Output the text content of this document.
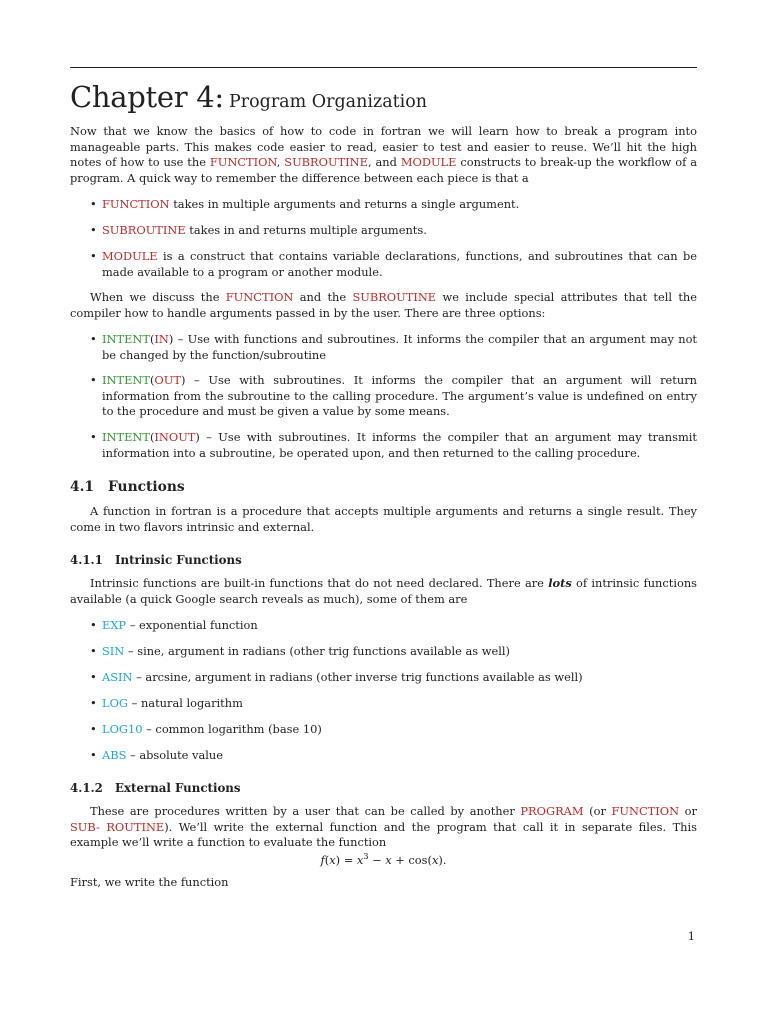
Chapter 4: Program Organization

Now that we know the basics of how to code in fortran we will learn how to break a program into manageable parts. This makes code easier to read, easier to test and easier to reuse. We’ll hit the high notes of how to use the FUNCTION, SUBROUTINE, and MODULE constructs to break-up the workflow of a program. A quick way to remember the difference between each piece is that a

• FUNCTION takes in multiple arguments and returns a single argument.
• SUBROUTINE takes in and returns multiple arguments.
• MODULE is a construct that contains variable declarations, functions, and subroutines that can be made available to a program or another module.

When we discuss the FUNCTION and the SUBROUTINE we include special attributes that tell the compiler how to handle arguments passed in by the user. There are three options:

• INTENT(IN) – Use with functions and subroutines. It informs the compiler that an argument may not be changed by the function/subroutine
• INTENT(OUT) – Use with subroutines. It informs the compiler that an argument will return information from the subroutine to the calling procedure. The argument’s value is undefined on entry to the procedure and must be given a value by some means.
• INTENT(INOUT) – Use with subroutines. It informs the compiler that an argument may transmit information into a subroutine, be operated upon, and then returned to the calling procedure.
4.1 Functions

A function in fortran is a procedure that accepts multiple arguments and returns a single result. They come in two flavors intrinsic and external.

4.1.1 Intrinsic Functions

Intrinsic functions are built-in functions that do not need declared. There are lots of intrinsic functions available (a quick Google search reveals as much), some of them are

• EXP – exponential function
• SIN – sine, argument in radians (other trig functions available as well)
• ASIN – arcsine, argument in radians (other inverse trig functions available as well)
• LOG – natural logarithm
• LOG10 – common logarithm (base 10)
• ABS – absolute value
4.1.2 External Functions

These are procedures written by a user that can be called by another PROGRAM (or FUNCTION or SUB- ROUTINE). We’ll write the external function and the program that call it in separate files. This example we’ll write a function to evaluate the function

$f(x) = x^3 - x + \cos(x)$.

First, we write the function

1
